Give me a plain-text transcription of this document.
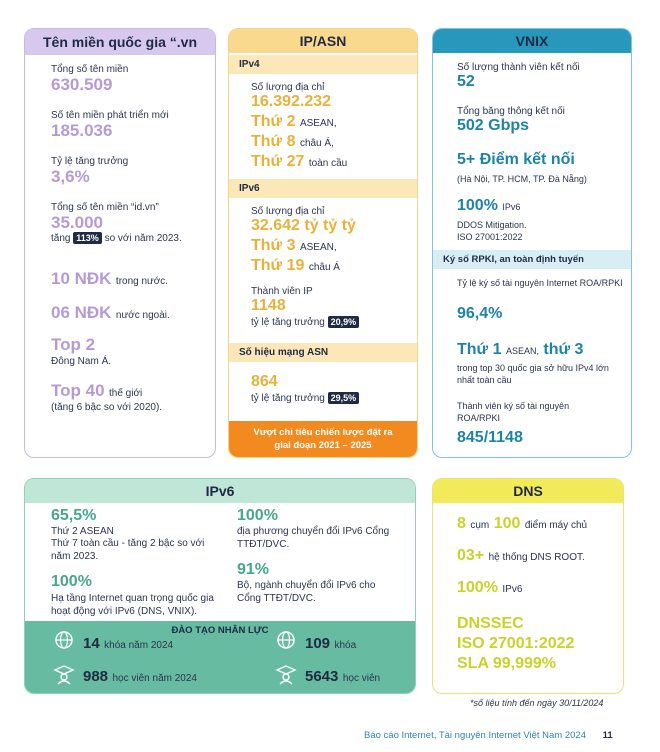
Tên miền quốc gia “.vn
Tổng số tên miền
630.509
Số tên miền phát triển mới
185.036
Tỷ lệ tăng trưởng
3,6%
Tổng số tên miền “id.vn”
35.000
tăng 113% so với năm 2023.
10 NĐK trong nước.
06 NĐK nước ngoài.
Top 2
Đông Nam Á.
Top 40 thế giới
(tăng 6 bậc so với 2020).
IP/ASN
IPv4
Số lượng địa chỉ
16.392.232
Thứ 2 ASEAN,
Thứ 8 châu Á,
Thứ 27 toàn cầu
IPv6
Số lượng địa chỉ
32.642 tỷ tỷ tỷ
Thứ 3 ASEAN,
Thứ 19 châu Á
Thành viên IP
1148
tỷ lệ tăng trưởng 20,9%
Số hiệu mạng ASN
864
tỷ lệ tăng trưởng 29,5%
Vượt chỉ tiêu chiến lược đặt ra giai đoạn 2021 – 2025
VNIX
Số lượng thành viên kết nối
52
Tổng băng thông kết nối
502 Gbps
5+ Điểm kết nối
(Hà Nội, TP. HCM, TP. Đà Nẵng)
100% IPv6
DDOS Mitigation.
ISO 27001:2022
Ký số RPKI, an toàn định tuyến
Tỷ lệ ký số tài nguyên Internet ROA/RPKI
96,4%
Thứ 1 ASEAN, thứ 3
trong top 30 quốc gia sở hữu IPv4 lớn nhất toàn cầu
Thành viên ký số tài nguyên ROA/RPKI
845/1148
IPv6
65,5%
Thứ 2 ASEAN
Thứ 7 toàn cầu - tăng 2 bậc so với năm 2023.
100%
Hạ tầng Internet quan trọng quốc gia hoạt động với IPv6 (DNS, VNIX).
100%
địa phương chuyển đổi IPv6 Cổng TTĐT/DVC.
91%
Bộ, ngành chuyển đổi IPv6 cho Cổng TTĐT/DVC.
ĐÀO TẠO NHÂN LỰC
14 khóa năm 2024	109 khóa
988 học viên năm 2024	5643 học viên
DNS
8 cụm 100 điểm máy chủ
03+ hệ thống DNS ROOT.
100% IPv6
DNSSEC
ISO 27001:2022
SLA 99,999%
*số liệu tính đến ngày 30/11/2024
Báo cáo Internet, Tài nguyên Internet Việt Nam 2024 11
